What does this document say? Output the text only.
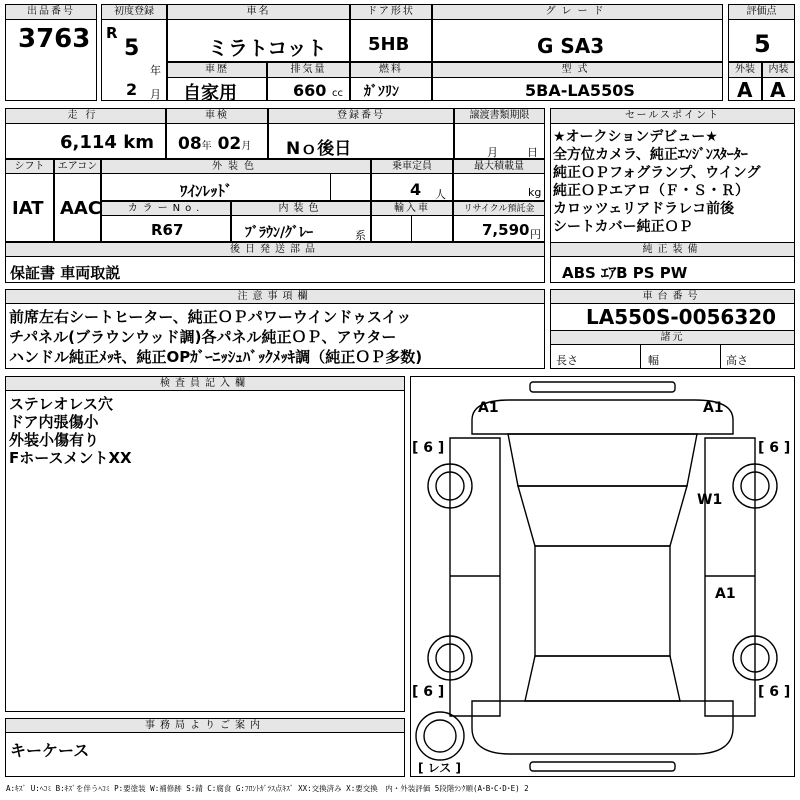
出品番号
3763
初度登録
R
5
年
2 月
車名
ミラトコット
ドア形状
5HB
グレード
G SA3
評価点
5
車歴
自家用
排気量
660 cc
燃料
ｶﾞｿﾘﾝ
型式
5BA-LA550S
外装
A
内装
A
走行
6,114 km
車検
08年 02月
登録番号
Nｏ後日
譲渡書類期限
月	日
セールスポイント
★オークションデビュー★
全方位カメラ、純正ｴﾝｼﾞﾝｽﾀｰﾀｰ
純正ＯＰフォグランプ、ウイング
純正ＯＰエアロ（Ｆ・Ｓ・Ｒ）
カロッツェリアドラレコ前後
シートカバー純正ＯＰ
シフト
IAT
エアコン
AAC
外装色
ﾜｲﾝﾚｯﾄﾞ
乗車定員
4 人
最大積載量
kg
カラーNo.
R67
内装色
ﾌﾞﾗｳﾝ/ｸﾞﾚｰ	系
輸入車	リサイクル預託金
7,590 円
後日発送部品
保証書 車両取説
純正装備
ABS ｴｱB PS PW
注意事項欄
前席左右シートヒーター、純正ＯＰパワーウインドゥスイッ
チパネル(ブラウンウッド調)各パネル純正ＯＰ、アウター
ハンドル純正ﾒｯｷ、純正OPｶﾞｰﾆｯｼｭﾊﾞｯｸﾒｯｷ調（純正ＯＰ多数)
車台番号
LA550S-0056320
諸元
長さ	幅	高さ
検査員記入欄
ステレオレス穴
ドア内張傷小
外装小傷有り
FホースメントXX
事務局よりご案内
キーケース
A1	A1
W1
A1
[ 6 ]	[ 6 ]
[ 6 ]	[ 6 ]
[ レス ]
A:ｷｽﾞ U:ﾍｺﾐ B:ｷｽﾞを伴うﾍｺﾐ P:要塗装 W:補修跡 S:錆 C:腐食 G:ﾌﾛﾝﾄｶﾞﾗｽ点ｷｽﾞ XX:交換済み X:要交換　内・外装評価 5段階ﾗﾝｸ順(A･B･C･D･E) 2
